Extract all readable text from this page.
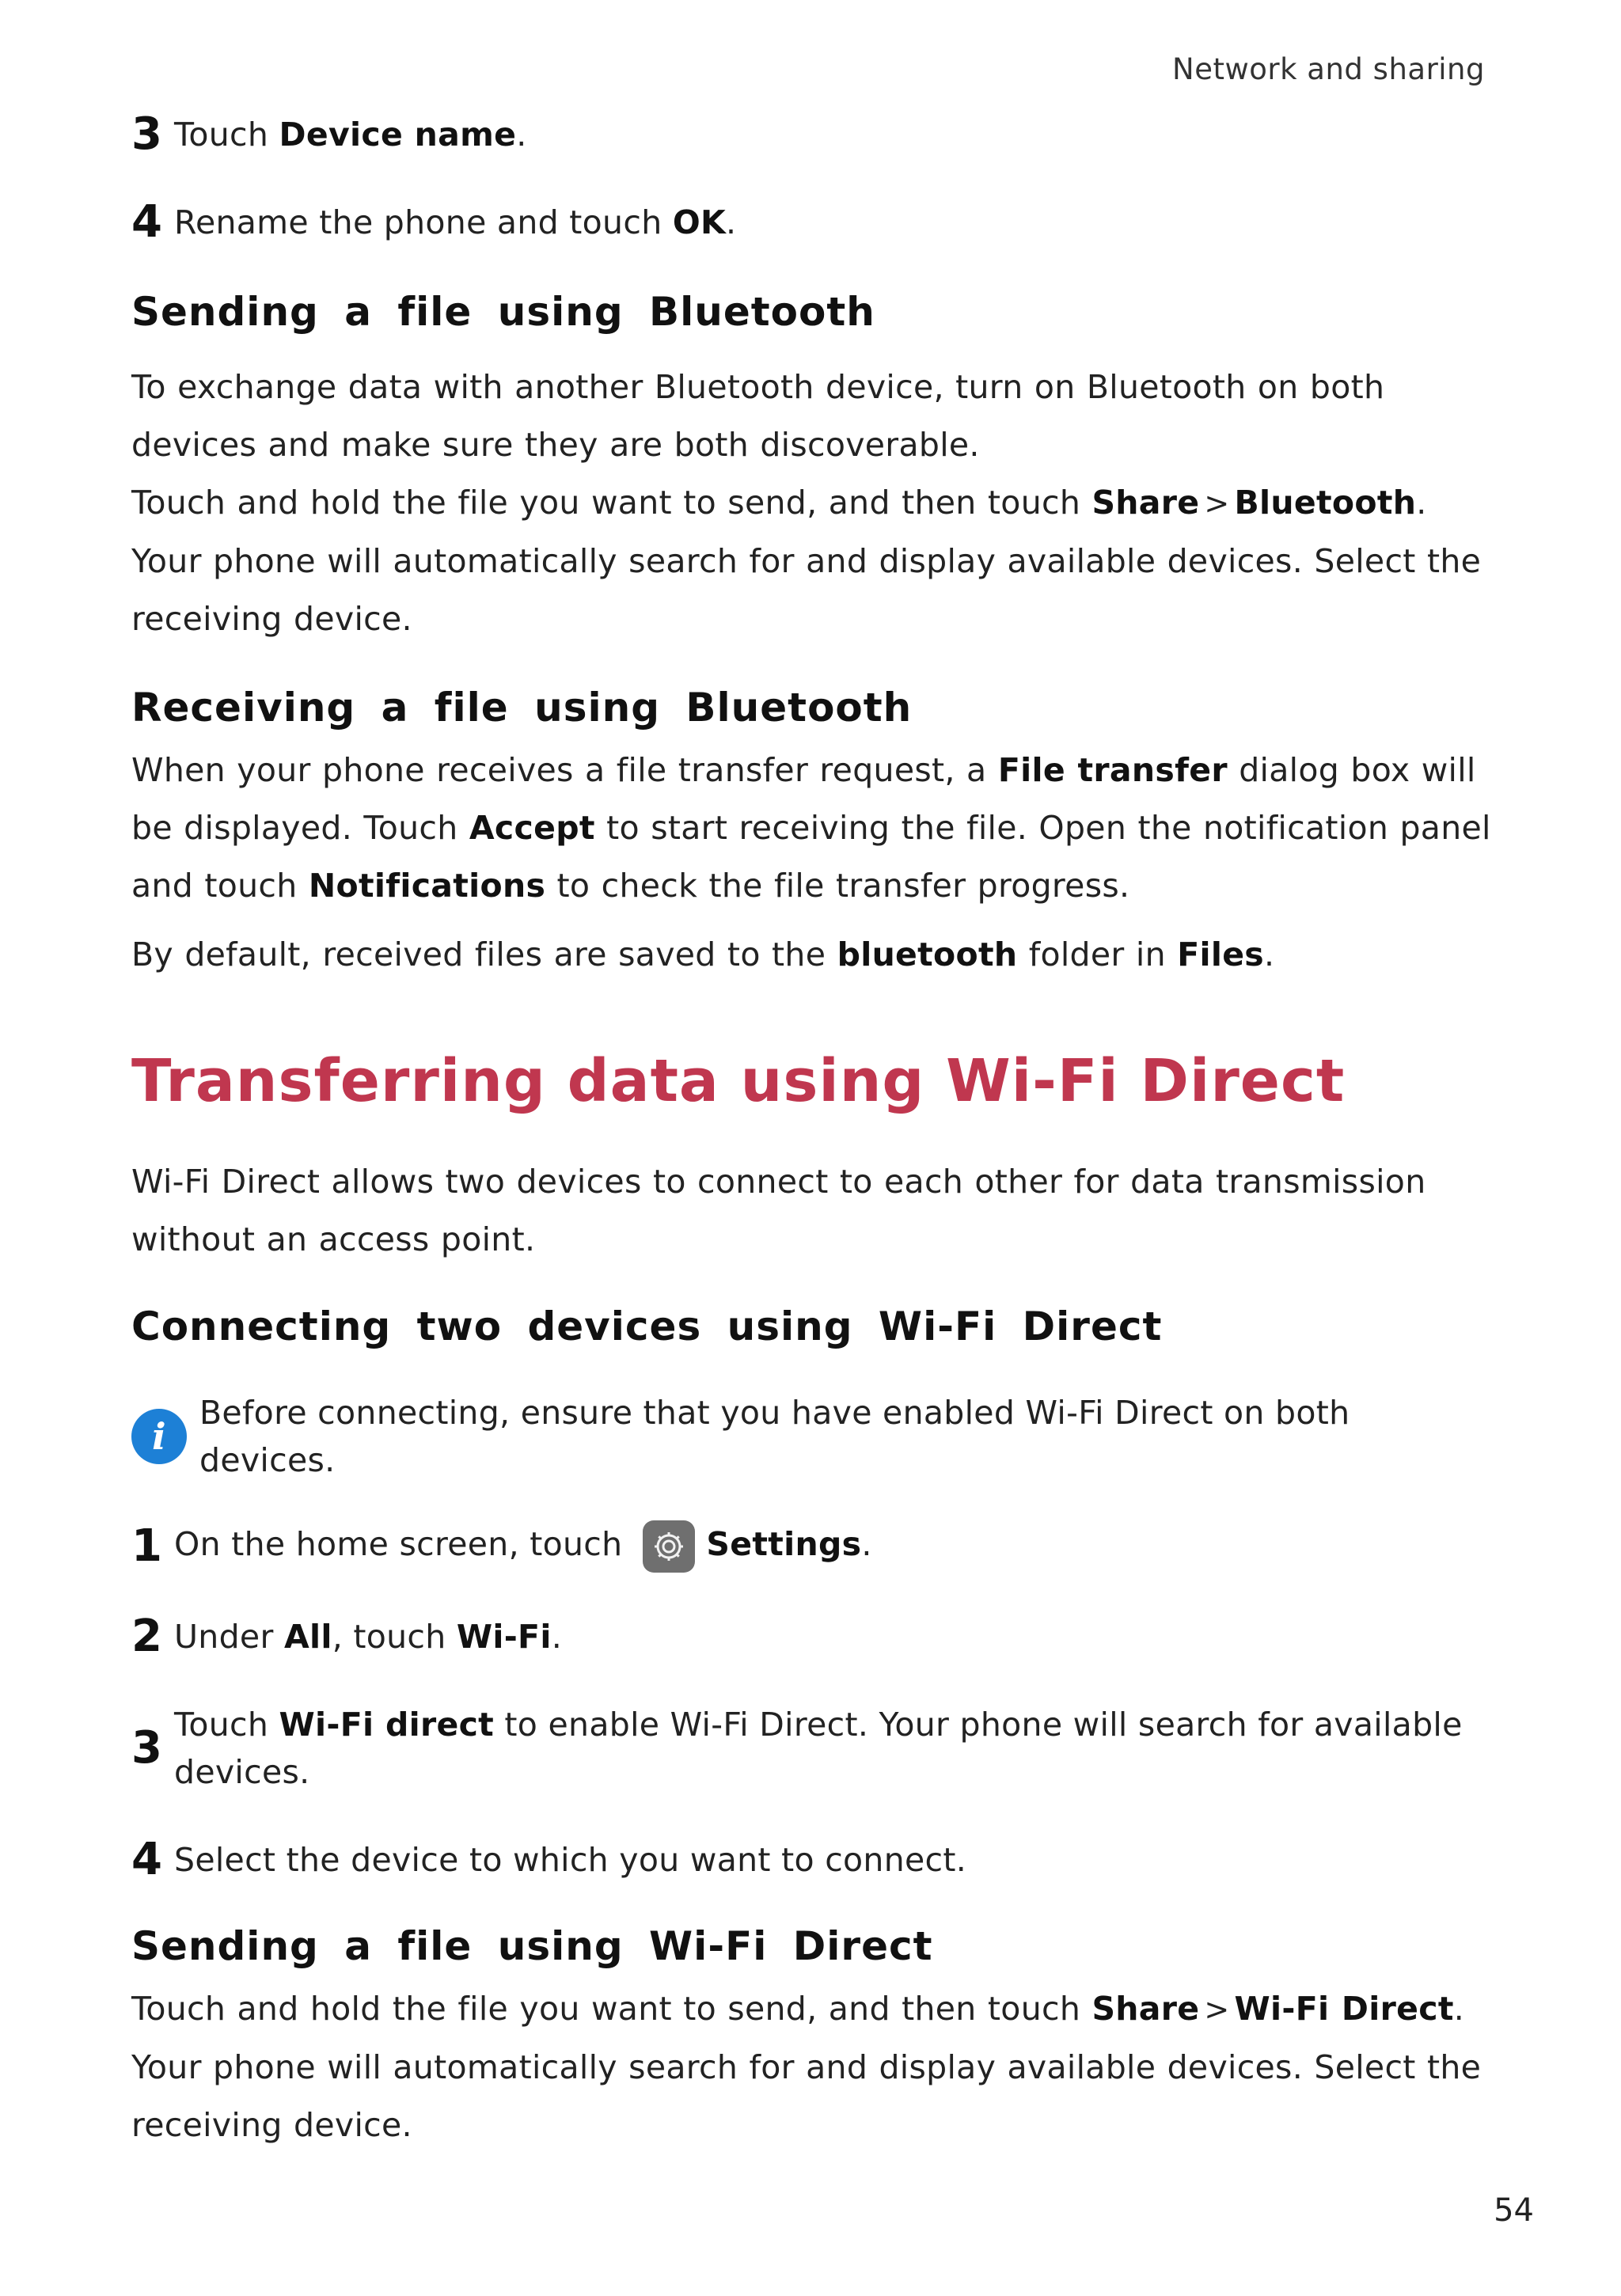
Network and sharing
3 Touch Device name.
4 Rename the phone and touch OK.
Sending a file using Bluetooth

To exchange data with another Bluetooth device, turn on Bluetooth on both devices and make sure they are both discoverable.

Touch and hold the file you want to send, and then touch Share > Bluetooth. Your phone will automatically search for and display available devices. Select the receiving device.

Receiving a file using Bluetooth

When your phone receives a file transfer request, a File transfer dialog box will be displayed. Touch Accept to start receiving the file. Open the notification panel and touch Notifications to check the file transfer progress.

By default, received files are saved to the bluetooth folder in Files.

Transferring data using Wi-Fi Direct

Wi-Fi Direct allows two devices to connect to each other for data transmission without an access point.

Connecting two devices using Wi-Fi Direct
i
Before connecting, ensure that you have enabled Wi-Fi Direct on both devices.
1 On the home screen, touch	Settings.
2 Under All, touch Wi-Fi.
3 Touch Wi-Fi direct to enable Wi-Fi Direct. Your phone will search for available devices.
4 Select the device to which you want to connect.
Sending a file using Wi-Fi Direct

Touch and hold the file you want to send, and then touch Share > Wi-Fi Direct. Your phone will automatically search for and display available devices. Select the receiving device.

54
